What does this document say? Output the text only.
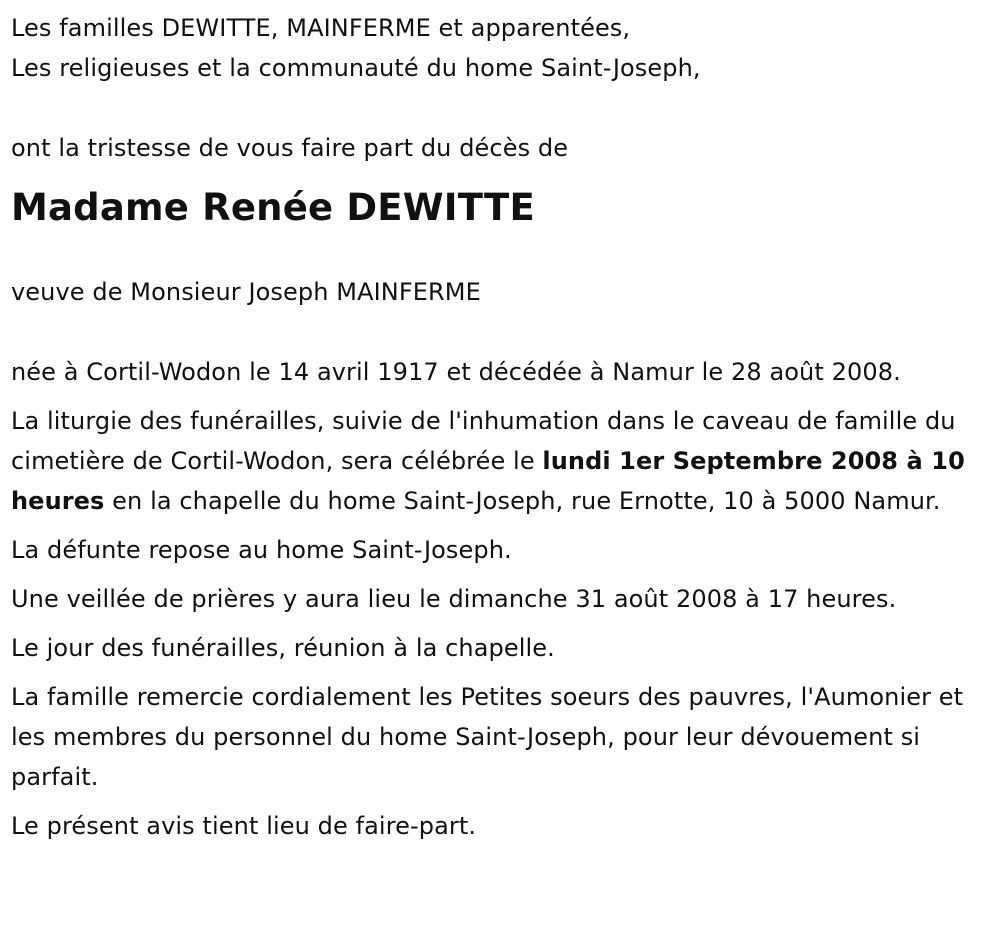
Les familles DEWITTE, MAINFERME et apparentées,

Les religieuses et la communauté du home Saint-Joseph,

ont la tristesse de vous faire part du décès de

Madame Renée DEWITTE

veuve de Monsieur Joseph MAINFERME

née à Cortil-Wodon le 14 avril 1917 et décédée à Namur le 28 août 2008.

La liturgie des funérailles, suivie de l'inhumation dans le caveau de famille du cimetière de Cortil-Wodon, sera célébrée le lundi 1er Septembre 2008 à 10 heures en la chapelle du home Saint-Joseph, rue Ernotte, 10 à 5000 Namur.

La défunte repose au home Saint-Joseph.

Une veillée de prières y aura lieu le dimanche 31 août 2008 à 17 heures.

Le jour des funérailles, réunion à la chapelle.

La famille remercie cordialement les Petites soeurs des pauvres, l'Aumonier et les membres du personnel du home Saint-Joseph, pour leur dévouement si parfait.

Le présent avis tient lieu de faire-part.
